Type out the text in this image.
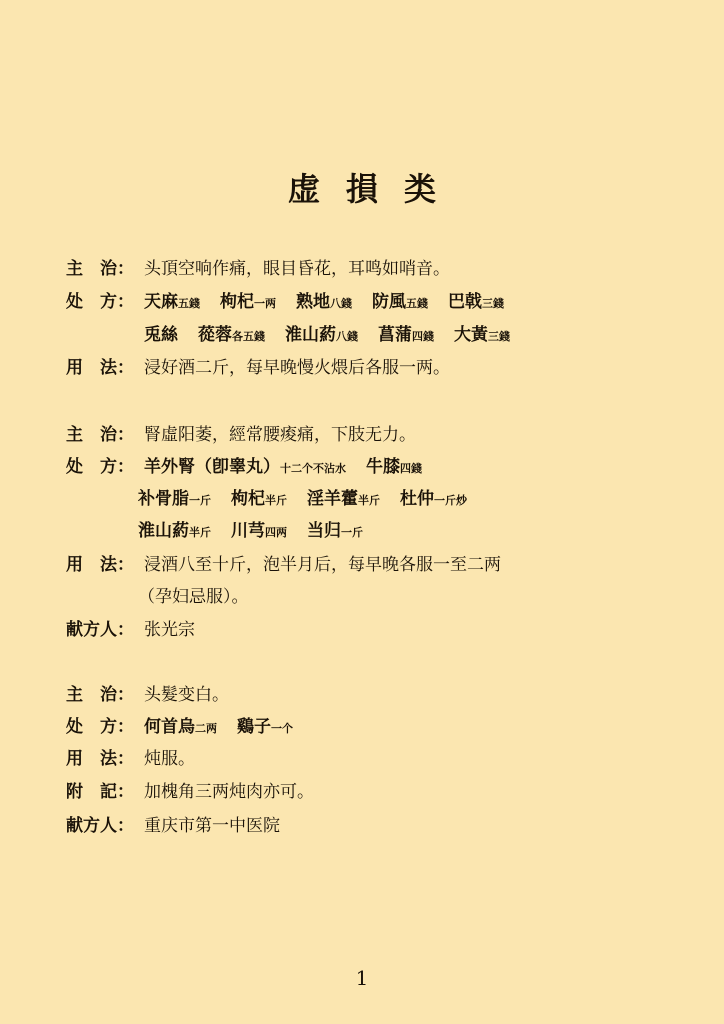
虚損类
主　治： 头頂空响作痛，眼目昏花，耳鸣如哨音。
处　方： 天麻五錢 枸杞一两 熟地八錢 防風五錢 巴戟三錢
兎絲 蓯蓉各五錢 淮山葯八錢 菖蒲四錢 大黃三錢
用　法： 浸好酒二斤，每早晚慢火煨后各服一两。
主　治： 腎虛阳萎，經常腰痠痛，下肢无力。
处　方： 羊外腎（卽睾丸）十二个不沾水 牛膝四錢
补骨脂一斤 枸杞半斤 淫羊藿半斤 杜仲一斤炒
淮山葯半斤 川芎四两 当归一斤
用　法： 浸酒八至十斤，泡半月后，每早晚各服一至二两
（孕妇忌服）。
献方人： 张光宗
主　治： 头髮变白。
处　方： 何首烏二两 鷄子一个
用　法： 炖服。
附　記： 加槐角三两炖肉亦可。
献方人： 重庆市第一中医院
1
